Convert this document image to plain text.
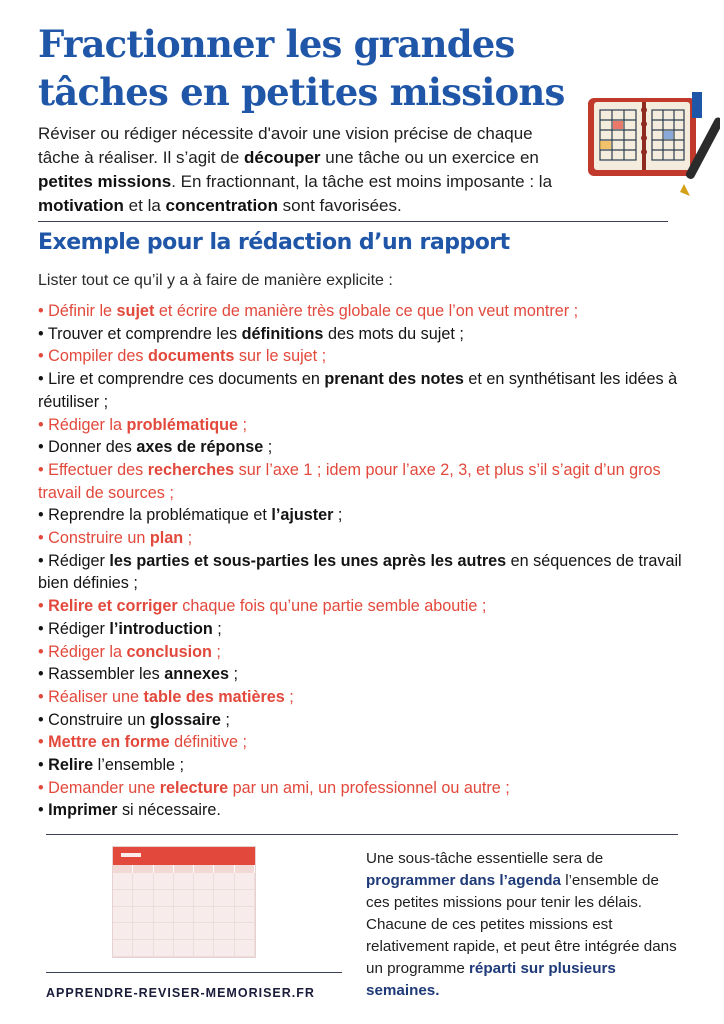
Fractionner les grandes tâches en petites missions

Réviser ou rédiger nécessite d'avoir une vision précise de chaque tâche à réaliser. Il s’agit de découper une tâche ou un exercice en petites missions. En fractionnant, la tâche est moins imposante : la motivation et la concentration sont favorisées.

Exemple pour la rédaction d’un rapport
Lister tout ce qu’il y a à faire de manière explicite :
• Définir le sujet et écrire de manière très globale ce que l’on veut montrer ;
• Trouver et comprendre les définitions des mots du sujet ;
• Compiler des documents sur le sujet ;
• Lire et comprendre ces documents en prenant des notes et en synthétisant les idées à réutiliser ;
• Rédiger la problématique ;
• Donner des axes de réponse ;
• Effectuer des recherches sur l’axe 1 ; idem pour l’axe 2, 3, et plus s’il s’agit d’un gros travail de sources ;
• Reprendre la problématique et l’ajuster ;
• Construire un plan ;
• Rédiger les parties et sous-parties les unes après les autres en séquences de travail bien définies ;
• Relire et corriger chaque fois qu’une partie semble aboutie ;
• Rédiger l’introduction ;
• Rédiger la conclusion ;
• Rassembler les annexes ;
• Réaliser une table des matières ;
• Construire un glossaire ;
• Mettre en forme définitive ;
• Relire l’ensemble ;
• Demander une relecture par un ami, un professionnel ou autre ;
• Imprimer si nécessaire.
APPRENDRE-REVISER-MEMORISER.FR

Une sous-tâche essentielle sera de programmer dans l’agenda l’ensemble de ces petites missions pour tenir les délais. Chacune de ces petites missions est relativement rapide, et peut être intégrée dans un programme réparti sur plusieurs semaines.
